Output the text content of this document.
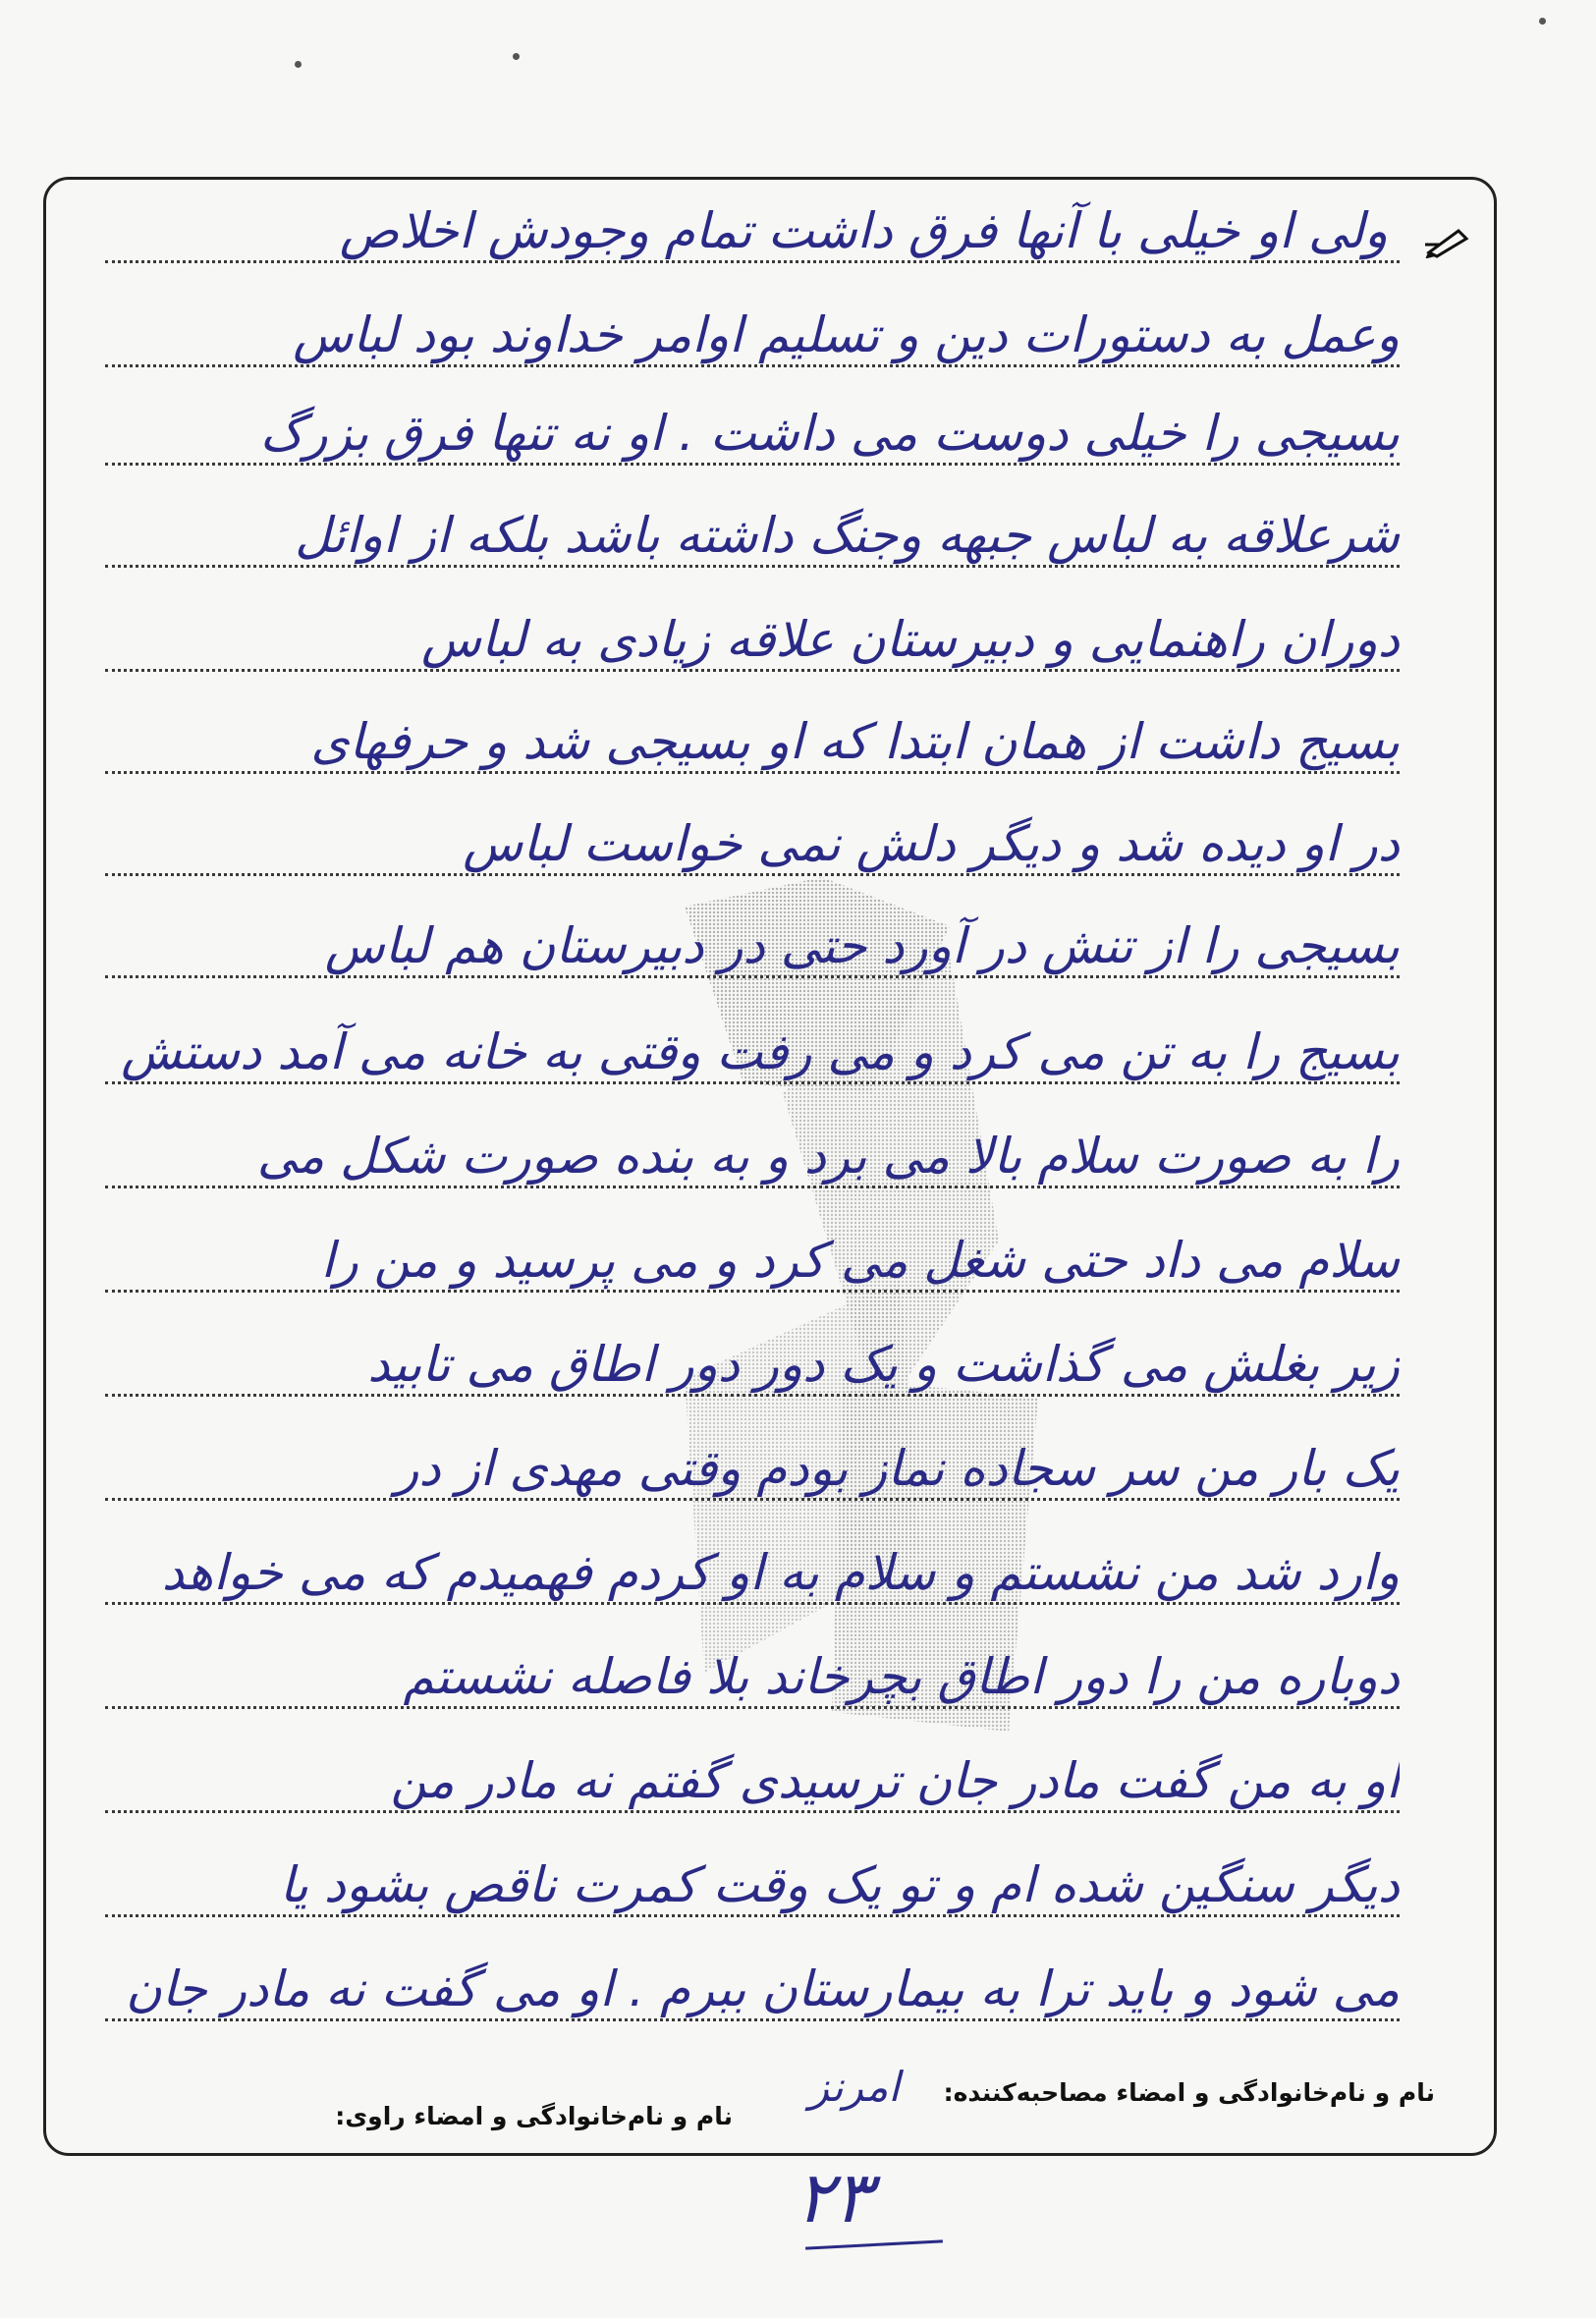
ولی او خیلی با آنها فرق داشت تمام وجودش اخلاص
وعمل به دستورات دین و تسلیم اوامر خداوند بود لباس
بسیجی را خیلی دوست می داشت . او نه تنها فرق بزرگ
شرعلاقه به لباس جبهه وجنگ داشته باشد بلکه از اوائل
دوران راهنمایی و دبیرستان علاقه زیادی به لباس
بسیج داشت از همان ابتدا که او بسیجی شد و حرفهای
در او دیده شد و دیگر دلش نمی خواست لباس
بسیجی را از تنش در آورد حتی در دبیرستان هم لباس
بسیج را به تن می کرد و می رفت وقتی به خانه می آمد دستش
را به صورت سلام بالا می برد و به بنده صورت شکل می
سلام می داد حتی شغل می کرد و می پرسید و من را
زیر بغلش می گذاشت و یک دور دور اطاق می تابید
یک بار من سر سجاده نماز بودم وقتی مهدی از در
وارد شد من نشستم و سلام به او کردم فهمیدم که می خواهد
دوباره من را دور اطاق بچرخاند بلا فاصله نشستم
او به من گفت مادر جان ترسیدی گفتم نه مادر من
دیگر سنگین شده ام و تو یک وقت کمرت ناقص بشود یا
می شود و باید ترا به بیمارستان ببرم . او می گفت نه مادر جان
نام و نام‌خانوادگی و امضاء مصاحبه‌کننده:
امرنز
نام و نام‌خانوادگی و امضاء راوی:
۲۳
